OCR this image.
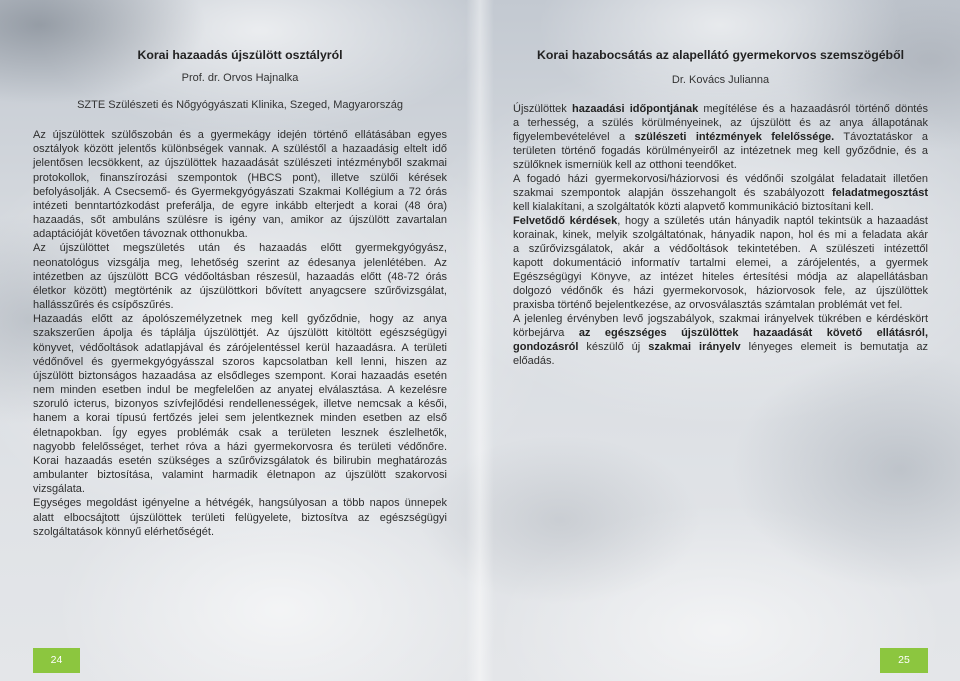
Korai hazaadás újszülött osztályról
Prof. dr. Orvos Hajnalka
SZTE Szülészeti és Nőgyógyászati Klinika, Szeged, Magyarország
Az újszülöttek szülőszobán és a gyermekágy idején történő ellátásában egyes
osztályok között jelentős különbségek vannak. A szüléstől a hazaadásig eltelt idő
jelentősen lecsökkent, az újszülöttek hazaadását szülészeti intézményből szakmai
protokollok, finanszírozási szempontok (HBCS pont), illetve szülői kérések
befolyásolják. A Csecsemő- és Gyermekgyógyászati Szakmai Kollégium a 72 órás
intézeti benntartózkodást preferálja, de egyre inkább elterjedt a korai (48 óra)
hazaadás, sőt ambuláns szülésre is igény van, amikor az újszülött zavartalan
adaptációját követően távoznak otthonukba.
Az újszülöttet megszületés után és hazaadás előtt gyermekgyógyász,
neonatológus vizsgálja meg, lehetőség szerint az édesanya jelenlétében. Az
intézetben az újszülött BCG védőoltásban részesül, hazaadás előtt (48-72 órás
életkor között) megtörténik az újszülöttkori bővített anyagcsere szűrővizsgálat,
hallásszűrés és csípőszűrés.
Hazaadás előtt az ápolószemélyzetnek meg kell győződnie, hogy az anya
szakszerűen ápolja és táplálja újszülöttjét. Az újszülött kitöltött egészségügyi
könyvet, védőoltások adatlapjával és zárójelentéssel kerül hazaadásra. A területi
védőnővel és gyermekgyógyásszal szoros kapcsolatban kell lenni, hiszen az
újszülött biztonságos hazaadása az elsődleges szempont. Korai hazaadás esetén
nem minden esetben indul be megfelelően az anyatej elválasztása. A kezelésre
szoruló icterus, bizonyos szívfejlődési rendellenességek, illetve nemcsak a késői,
hanem a korai típusú fertőzés jelei sem jelentkeznek minden esetben az első
életnapokban. Így egyes problémák csak a területen lesznek észlelhetők,
nagyobb felelősséget, terhet róva a házi gyermekorvosra és területi védőnőre.
Korai hazaadás esetén szükséges a szűrővizsgálatok és bilirubin meghatározás
ambulanter biztosítása, valamint harmadik életnapon az újszülött szakorvosi
vizsgálata.
Egységes megoldást igényelne a hétvégék, hangsúlyosan a több napos ünnepek
alatt elbocsájtott újszülöttek területi felügyelete, biztosítva az egészségügyi
szolgáltatások könnyű elérhetőségét.
24
Korai hazabocsátás az alapellátó gyermekorvos szemszögéből
Dr. Kovács Julianna
Újszülöttek hazaadási időpontjának megítélése és a hazaadásról történő döntés
a terhesség, a szülés körülményeinek, az újszülött és az anya állapotának
figyelembevételével a szülészeti intézmények felelőssége. Távoztatáskor a
területen történő fogadás körülményeiről az intézetnek meg kell győződnie, és a
szülőknek ismerniük kell az otthoni teendőket.
A fogadó házi gyermekorvosi/háziorvosi és védőnői szolgálat feladatait illetően
szakmai szempontok alapján összehangolt és szabályozott feladatmegosztást
kell kialakítani, a szolgáltatók közti alapvető kommunikáció biztosítani kell.
Felvetődő kérdések, hogy a születés után hányadik naptól tekintsük a hazaadást
korainak, kinek, melyik szolgáltatónak, hányadik napon, hol és mi a feladata akár
a szűrővizsgálatok, akár a védőoltások tekintetében. A szülészeti intézettől
kapott dokumentáció informatív tartalmi elemei, a zárójelentés, a gyermek
Egészségügyi Könyve, az intézet hiteles értesítési módja az alapellátásban
dolgozó védőnők és házi gyermekorvosok, háziorvosok fele, az újszülöttek
praxisba történő bejelentkezése, az orvosválasztás számtalan problémát vet fel.
A jelenleg érvényben levő jogszabályok, szakmai irányelvek tükrében e kérdéskört
körbejárva az egészséges újszülöttek hazaadását követő ellátásról,
gondozásról készülő új szakmai irányelv lényeges elemeit is bemutatja az
előadás.
25
